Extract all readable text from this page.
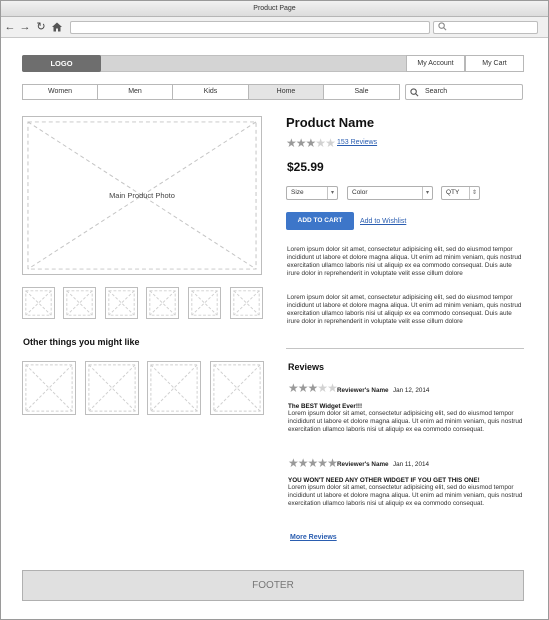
Product Page
← → ↻
LOGO	My Account	My Cart
Women	Men	Kids	Home	Sale	Search
Main Product Photo
Product Name
★★★★★ 153 Reviews
$25.99
Size	▾	Color	▾	QTY	⇕
ADD TO CART	Add to Wishlist
Lorem ipsum dolor sit amet, consectetur adipisicing elit, sed do eiusmod tempor incididunt ut labore et dolore magna aliqua. Ut enim ad minim veniam, quis nostrud exercitation ullamco laboris nisi ut aliquip ex ea commodo consequat. Duis aute irure dolor in reprehenderit in voluptate velit esse cillum dolore
Lorem ipsum dolor sit amet, consectetur adipisicing elit, sed do eiusmod tempor incididunt ut labore et dolore magna aliqua. Ut enim ad minim veniam, quis nostrud exercitation ullamco laboris nisi ut aliquip ex ea commodo consequat. Duis aute irure dolor in reprehenderit in voluptate velit esse cillum dolore
Other things you might like
Reviews
★★★★★ Reviewer's Name Jan 12, 2014
The BEST Widget Ever!!!
Lorem ipsum dolor sit amet, consectetur adipisicing elit, sed do eiusmod tempor incididunt ut labore et dolore magna aliqua. Ut enim ad minim veniam, quis nostrud exercitation ullamco laboris nisi ut aliquip ex ea commodo consequat.
★★★★★ Reviewer's Name Jan 11, 2014
YOU WON'T NEED ANY OTHER WIDGET IF YOU GET THIS ONE!
Lorem ipsum dolor sit amet, consectetur adipisicing elit, sed do eiusmod tempor incididunt ut labore et dolore magna aliqua. Ut enim ad minim veniam, quis nostrud exercitation ullamco laboris nisi ut aliquip ex ea commodo consequat.
More Reviews
FOOTER
